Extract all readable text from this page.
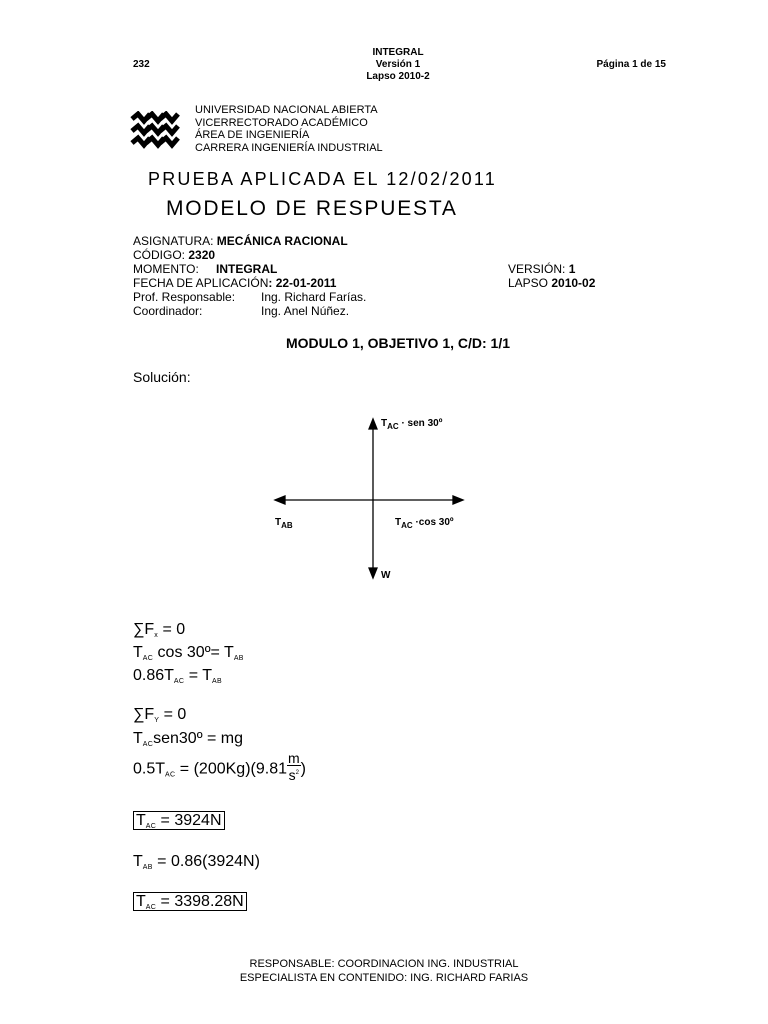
232
INTEGRAL
Versión 1
Lapso 2010-2
Página 1 de 15
UNIVERSIDAD NACIONAL ABIERTA
VICERRECTORADO ACADÉMICO
ÁREA DE INGENIERÍA
CARRERA INGENIERÍA INDUSTRIAL
PRUEBA APLICADA EL 12/02/2011
MODELO DE RESPUESTA
ASIGNATURA: MECÁNICA RACIONAL
CÓDIGO: 2320
MOMENTO: INTEGRAL	VERSIÓN: 1
FECHA DE APLICACIÓN: 22-01-2011	LAPSO 2010-02
Prof. Responsable: Ing. Richard Farías.
Coordinador:	Ing. Anel Núñez.
MODULO 1, OBJETIVO 1, C/D: 1/1
Solución:
$T_{AC}$ · sen 30º
$T_{AB}$	$T_{AC} \cdot\cos$ 30º
W
$\sum F_x = 0$
$T_{AC}$ cos 30º= $T_{AB}$
$0.86T_{AC} = T_{AB}$
$\sum F_Y = 0$
$T_{AC}sen30º$ = mg
$0.5T_{AC} = (200Kg)(9.81 \frac{m}{s^2}$ )
$T_{AC} = 3924N$
$T_{AB} = 0.86(3924N)$
$T_{AC} = 3398.28N$
RESPONSABLE: COORDINACION ING. INDUSTRIAL
ESPECIALISTA EN CONTENIDO: ING. RICHARD FARIAS
